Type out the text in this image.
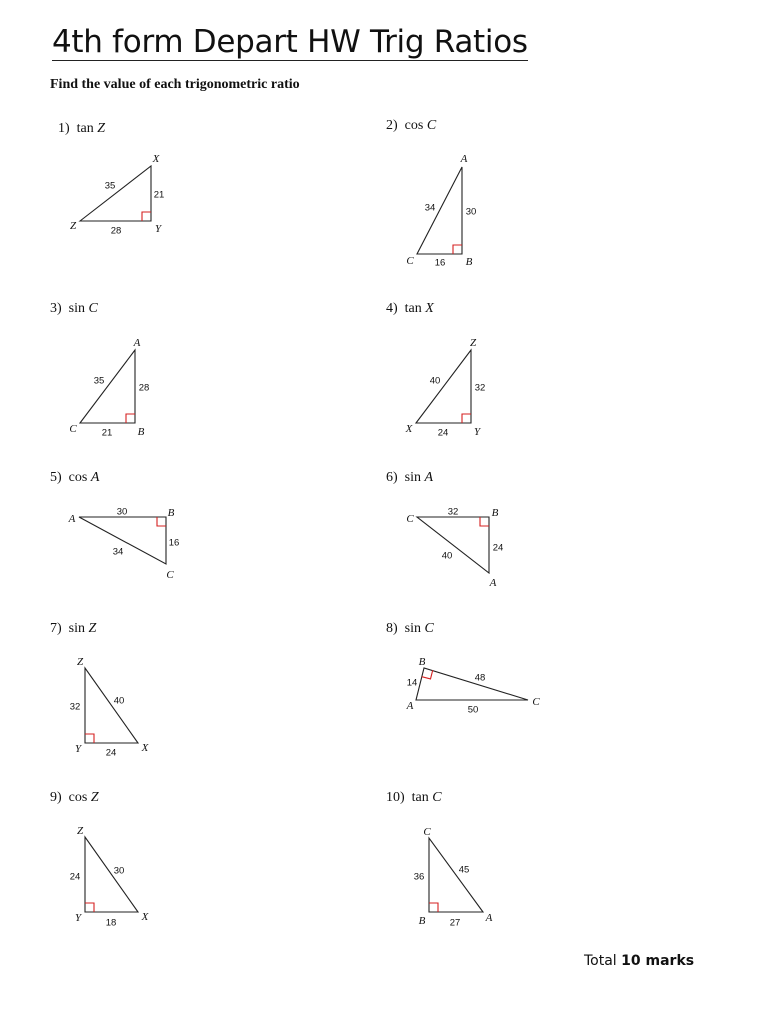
4th form Depart HW Trig Ratios
Find the value of each trigonometric ratio
1) tan Z	2) cos C
3) sin C	4) tan X
5) cos A	6) sin A
7) sin Z	8) sin C
9) cos Z	10) tan C
Z
X
Y
35
21
28
A
C	B
34	30
16
A
C	B
35
28
21
Z
X	Y
40
32
24
A	B
C
30
16
34
C	B
A
32
24
40
Z
Y	X
32
40
24
B
A	C
14	48
50
Z
Y	X
24
30
18
C
B	A
36
45
27
Total 10 marks
